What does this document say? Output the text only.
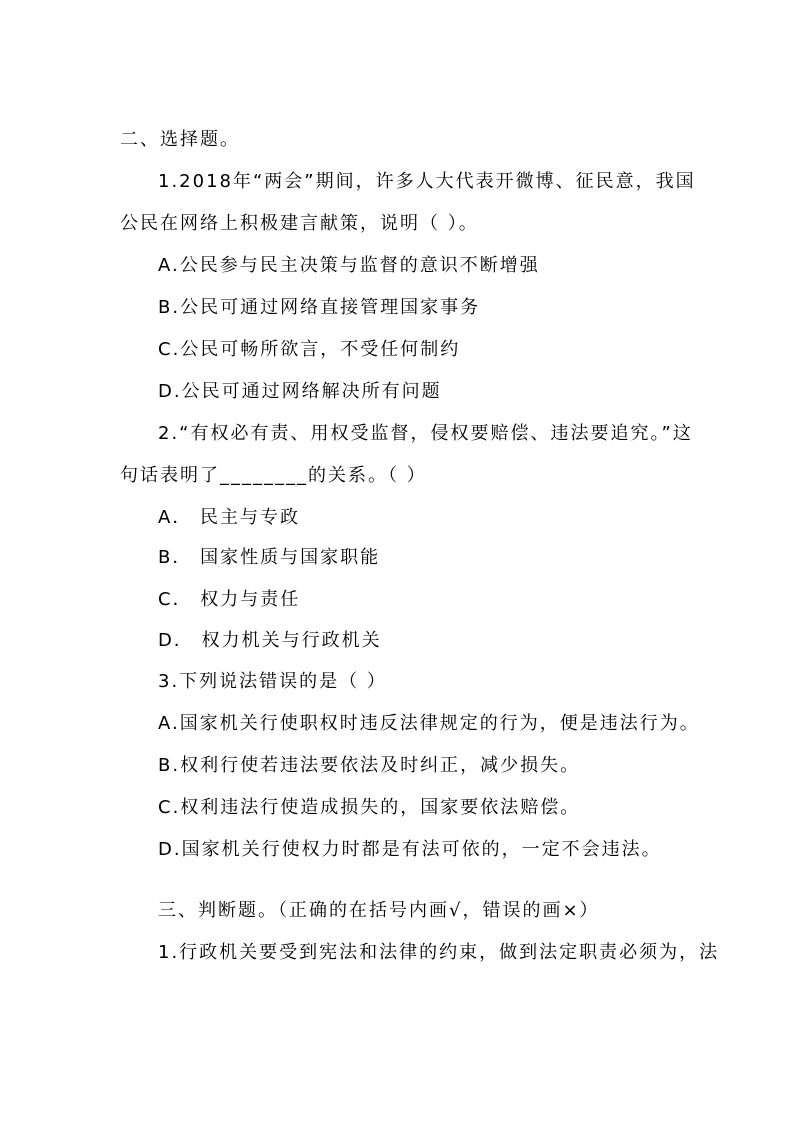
二、选择题。
1.2018年“两会”期间，许多人大代表开微博、征民意，我国
公民在网络上积极建言献策，说明（ ）。
A.公民参与民主决策与监督的意识不断增强
B.公民可通过网络直接管理国家事务
C.公民可畅所欲言，不受任何制约
D.公民可通过网络解决所有问题
2.“有权必有责、用权受监督，侵权要赔偿、违法要追究。”这
句话表明了________的关系。（ ）
A． 民主与专政
B． 国家性质与国家职能
C． 权力与责任
D． 权力机关与行政机关
3.下列说法错误的是（ ）
A.国家机关行使职权时违反法律规定的行为，便是违法行为。
B.权利行使若违法要依法及时纠正，减少损失。
C.权利违法行使造成损失的，国家要依法赔偿。
D.国家机关行使权力时都是有法可依的，一定不会违法。
三、判断题。（正确的在括号内画√，错误的画×）
1.行政机关要受到宪法和法律的约束，做到法定职责必须为，法
